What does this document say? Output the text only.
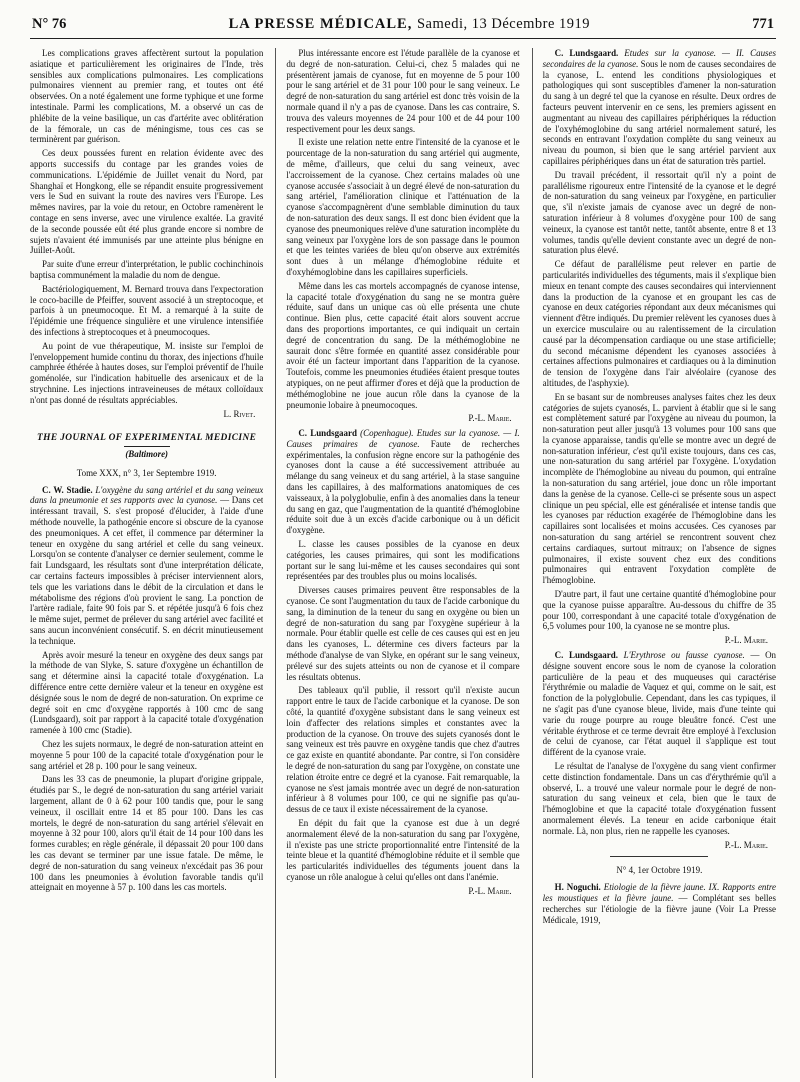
N° 76	LA PRESSE MÉDICALE, Samedi, 13 Décembre 1919	771

Les complications graves affectèrent surtout la population asiatique et particulièrement les originaires de l'Inde, très sensibles aux complications pulmonaires. Les complications pulmonaires viennent au premier rang, et toutes ont été observées. On a noté également une forme typhique et une forme intestinale. Parmi les complications, M. a observé un cas de phlébite de la veine basilique, un cas d'artérite avec oblitération de la fémorale, un cas de méningisme, tous ces cas se terminèrent par guérison.

Ces deux poussées furent en relation évidente avec des apports successifs du contage par les grandes voies de communications. L'épidémie de Juillet venait du Nord, par Shanghaï et Hongkong, elle se répandit ensuite progressivement vers le Sud en suivant la route des navires vers l'Europe. Les mêmes navires, par la voie du retour, en Octobre ramenèrent le contage en sens inverse, avec une virulence exaltée. La gravité de la seconde poussée eût été plus grande encore si nombre de sujets n'avaient été immunisés par une atteinte plus bénigne en Juillet-Août.

Par suite d'une erreur d'interprétation, le public cochinchinois baptisa communément la maladie du nom de dengue.

Bactériologiquement, M. Bernard trouva dans l'expectoration le coco-bacille de Pfeiffer, souvent associé à un streptocoque, et parfois à un pneumocoque. Et M. a remarqué à la suite de l'épidémie une fréquence singulière et une virulence intensifiée des infections à streptocoques et à pneumocoques.

Au point de vue thérapeutique, M. insiste sur l'emploi de l'enveloppement humide continu du thorax, des injections d'huile camphrée éthérée à hautes doses, sur l'emploi préventif de l'huile goménolée, sur l'indication habituelle des arsenicaux et de la strychnine. Les injections intraveineuses de métaux colloïdaux n'ont pas donné de résultats appréciables.

L. Rivet.
THE JOURNAL OF EXPERIMENTAL MEDICINE
(Baltimore)
Tome XXX, n° 3, 1er Septembre 1919.

C. W. Stadie. L'oxygène du sang artériel et du sang veineux dans la pneumonie et ses rapports avec la cyanose. — Dans cet intéressant travail, S. s'est proposé d'élucider, à l'aide d'une méthode nouvelle, la pathogénie encore si obscure de la cyanose des pneumoniques. A cet effet, il commence par déterminer la teneur en oxygène du sang artériel et celle du sang veineux. Lorsqu'on se contente d'analyser ce dernier seulement, comme le fait Lundsgaard, les résultats sont d'une interprétation délicate, car certains facteurs impossibles à préciser interviennent alors, tels que les variations dans le débit de la circulation et dans le métabolisme des régions d'où provient le sang. La ponction de l'artère radiale, faite 90 fois par S. et répétée jusqu'à 6 fois chez le même sujet, permet de prélever du sang artériel avec facilité et sans aucun inconvénient consécutif. S. en décrit minutieusement la technique.

Après avoir mesuré la teneur en oxygène des deux sangs par la méthode de van Slyke, S. sature d'oxygène un échantillon de sang et détermine ainsi la capacité totale d'oxygénation. La différence entre cette dernière valeur et la teneur en oxygène est désignée sous le nom de degré de non-saturation. On exprime ce degré soit en cmc d'oxygène rapportés à 100 cmc de sang (Lundsgaard), soit par rapport à la capacité totale d'oxygénation ramenée à 100 cmc (Stadie).

Chez les sujets normaux, le degré de non-saturation atteint en moyenne 5 pour 100 de la capacité totale d'oxygénation pour le sang artériel et 28 p. 100 pour le sang veineux.

Dans les 33 cas de pneumonie, la plupart d'origine grippale, étudiés par S., le degré de non-saturation du sang artériel variait largement, allant de 0 à 62 pour 100 tandis que, pour le sang veineux, il oscillait entre 14 et 85 pour 100. Dans les cas mortels, le degré de non-saturation du sang artériel s'élevait en moyenne à 32 pour 100, alors qu'il était de 14 pour 100 dans les formes curables; en règle générale, il dépassait 20 pour 100 dans les cas devant se terminer par une issue fatale. De même, le degré de non-saturation du sang veineux n'excédait pas 36 pour 100 dans les pneumonies à évolution favorable tandis qu'il atteignait en moyenne à 57 p. 100 dans les cas mortels.

Plus intéressante encore est l'étude parallèle de la cyanose et du degré de non-saturation. Celui-ci, chez 5 malades qui ne présentèrent jamais de cyanose, fut en moyenne de 5 pour 100 pour le sang artériel et de 31 pour 100 pour le sang veineux. Le degré de non-saturation du sang artériel est donc très voisin de la normale quand il n'y a pas de cyanose. Dans les cas contraire, S. trouva des valeurs moyennes de 24 pour 100 et de 44 pour 100 respectivement pour les deux sangs.

Il existe une relation nette entre l'intensité de la cyanose et le pourcentage de la non-saturation du sang artériel qui augmente, de même, d'ailleurs, que celui du sang veineux, avec l'accroissement de la cyanose. Chez certains malades où une cyanose accusée s'associait à un degré élevé de non-saturation du sang artériel, l'amélioration clinique et l'atténuation de la cyanose s'accompagnèrent d'une semblable diminution du taux de non-saturation des deux sangs. Il est donc bien évident que la cyanose des pneumoniques relève d'une saturation incomplète du sang veineux par l'oxygène lors de son passage dans le poumon et que les teintes variées de bleu qu'on observe aux extrémités sont dues à un mélange d'hémoglobine réduite et d'oxyhémoglobine dans les capillaires superficiels.

Même dans les cas mortels accompagnés de cyanose intense, la capacité totale d'oxygénation du sang ne se montra guère réduite, sauf dans un unique cas où elle présenta une chute continue. Bien plus, cette capacité était alors souvent accrue dans des proportions importantes, ce qui indiquait un certain degré de concentration du sang. De la méthémoglobine ne saurait donc s'être formée en quantité assez considérable pour avoir été un facteur important dans l'apparition de la cyanose. Toutefois, comme les pneumonies étudiées étaient presque toutes atypiques, on ne peut affirmer d'ores et déjà que la production de méthémoglobine ne joue aucun rôle dans la cyanose de la pneumonie lobaire à pneumocoques.

P.-L. Marie.

C. Lundsgaard (Copenhague). Etudes sur la cyanose. — I. Causes primaires de cyanose. Faute de recherches expérimentales, la confusion règne encore sur la pathogénie des cyanoses dont la cause a été successivement attribuée au mélange du sang veineux et du sang artériel, à la stase sanguine dans les capillaires, à des malformations anatomiques de ces vaisseaux, à la polyglobulie, enfin à des anomalies dans la teneur du sang en gaz, que l'augmentation de la quantité d'hémoglobine réduite soit due à un excès d'acide carbonique ou à un déficit d'oxygène.

L. classe les causes possibles de la cyanose en deux catégories, les causes primaires, qui sont les modifications portant sur le sang lui-même et les causes secondaires qui sont représentées par des troubles plus ou moins localisés.

Diverses causes primaires peuvent être responsables de la cyanose. Ce sont l'augmentation du taux de l'acide carbonique du sang, la diminution de la teneur du sang en oxygène ou bien un degré de non-saturation du sang par l'oxygène supérieur à la normale. Pour établir quelle est celle de ces causes qui est en jeu dans les cyanoses, L. détermine ces divers facteurs par la méthode d'analyse de van Slyke, en opérant sur le sang veineux, prélevé sur des sujets atteints ou non de cyanose et il compare les résultats obtenus.

Des tableaux qu'il publie, il ressort qu'il n'existe aucun rapport entre le taux de l'acide carbonique et la cyanose. De son côté, la quantité d'oxygène subsistant dans le sang veineux est loin d'affecter des relations simples et constantes avec la production de la cyanose. On trouve des sujets cyanosés dont le sang veineux est très pauvre en oxygène tandis que chez d'autres ce gaz existe en quantité abondante. Par contre, si l'on considère le degré de non-saturation du sang par l'oxygène, on constate une relation étroite entre ce degré et la cyanose. Fait remarquable, la cyanose ne s'est jamais montrée avec un degré de non-saturation inférieur à 8 volumes pour 100, ce qui ne signifie pas qu'au-dessus de ce taux il existe nécessairement de la cyanose.

En dépit du fait que la cyanose est due à un degré anormalement élevé de la non-saturation du sang par l'oxygène, il n'existe pas une stricte proportionnalité entre l'intensité de la teinte bleue et la quantité d'hémoglobine réduite et il semble que les particularités individuelles des téguments jouent dans la cyanose un rôle analogue à celui qu'elles ont dans l'anémie.

P.-L. Marie.

C. Lundsgaard. Etudes sur la cyanose. — II. Causes secondaires de la cyanose. Sous le nom de causes secondaires de la cyanose, L. entend les conditions physiologiques et pathologiques qui sont susceptibles d'amener la non-saturation du sang à un degré tel que la cyanose en résulte. Deux ordres de facteurs peuvent intervenir en ce sens, les premiers agissent en augmentant au niveau des capillaires périphériques la réduction de l'oxyhémoglobine du sang artériel normalement saturé, les seconds en entravant l'oxydation complète du sang veineux au niveau du poumon, si bien que le sang artériel parvient aux capillaires périphériques dans un état de saturation très partiel.

Du travail précédent, il ressortait qu'il n'y a point de parallélisme rigoureux entre l'intensité de la cyanose et le degré de non-saturation du sang veineux par l'oxygène, en particulier que, s'il n'existe jamais de cyanose avec un degré de non-saturation inférieur à 8 volumes d'oxygène pour 100 de sang veineux, la cyanose est tantôt nette, tantôt absente, entre 8 et 13 volumes, tandis qu'elle devient constante avec un degré de non-saturation plus élevé.

Ce défaut de parallélisme peut relever en partie de particularités individuelles des téguments, mais il s'explique bien mieux en tenant compte des causes secondaires qui interviennent dans la production de la cyanose et en groupant les cas de cyanose en deux catégories répondant aux deux mécanismes qui viennent d'être indiqués. Du premier relèvent les cyanoses dues à un exercice musculaire ou au ralentissement de la circulation causé par la décompensation cardiaque ou une stase artificielle; du second mécanisme dépendent les cyanoses associées à certaines affections pulmonaires et cardiaques ou à la diminution de tension de l'oxygène dans l'air alvéolaire (cyanose des altitudes, de l'asphyxie).

En se basant sur de nombreuses analyses faites chez les deux catégories de sujets cyanosés, L. parvient à établir que si le sang est complètement saturé par l'oxygène au niveau du poumon, la non-saturation peut aller jusqu'à 13 volumes pour 100 sans que la cyanose apparaisse, tandis qu'elle se montre avec un degré de non-saturation inférieur, c'est qu'il existe toujours, dans ces cas, une non-saturation du sang artériel par l'oxygène. L'oxydation incomplète de l'hémoglobine au niveau du poumon, qui entraîne la non-saturation du sang artériel, joue donc un rôle important dans la genèse de la cyanose. Celle-ci se présente sous un aspect clinique un peu spécial, elle est généralisée et intense tandis que les cyanoses par réduction exagérée de l'hémoglobine dans les capillaires sont localisées et moins accusées. Ces cyanoses par non-saturation du sang artériel se rencontrent souvent chez certains cardiaques, surtout mitraux; on l'absence de signes pulmonaires, il existe souvent chez eux des conditions pulmonaires qui entravent l'oxydation complète de l'hémoglobine.

D'autre part, il faut une certaine quantité d'hémoglobine pour que la cyanose puisse apparaître. Au-dessous du chiffre de 35 pour 100, correspondant à une capacité totale d'oxygénation de 6,5 volumes pour 100, la cyanose ne se montre plus.

P.-L. Marie.

C. Lundsgaard. L'Erythrose ou fausse cyanose. — On désigne souvent encore sous le nom de cyanose la coloration particulière de la peau et des muqueuses qui caractérise l'érythrémie ou maladie de Vaquez et qui, comme on le sait, est fonction de la polyglobulie. Cependant, dans les cas typiques, il ne s'agit pas d'une cyanose bleue, livide, mais d'une teinte qui varie du rouge pourpre au rouge bleuâtre foncé. C'est une véritable érythrose et ce terme devrait être employé à l'exclusion de celui de cyanose, car l'état auquel il s'applique est tout différent de la cyanose vraie.

Le résultat de l'analyse de l'oxygène du sang vient confirmer cette distinction fondamentale. Dans un cas d'érythrémie qu'il a observé, L. a trouvé une valeur normale pour le degré de non-saturation du sang veineux et cela, bien que le taux de l'hémoglobine et que la capacité totale d'oxygénation fussent anormalement élevés. La teneur en acide carbonique était normale. Là, non plus, rien ne rappelle les cyanoses.

P.-L. Marie.
N° 4, 1er Octobre 1919.

H. Noguchi. Etiologie de la fièvre jaune. IX. Rapports entre les moustiques et la fièvre jaune. — Complétant ses belles recherches sur l'étiologie de la fièvre jaune (Voir La Presse Médicale, 1919,
